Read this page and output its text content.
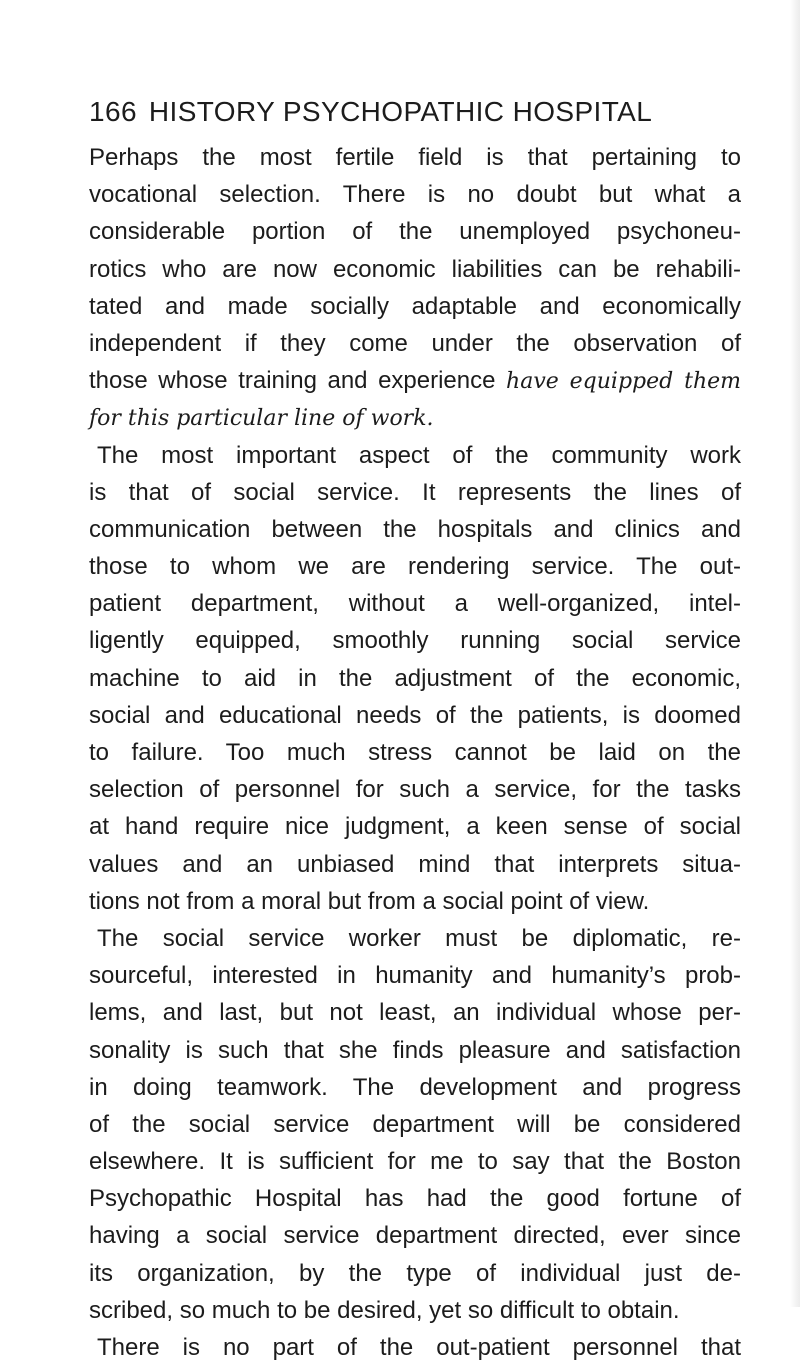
166 HISTORY PSYCHOPATHIC HOSPITAL
Perhaps the most fertile field is that pertaining to
vocational selection. There is no doubt but what a
considerable portion of the unemployed psychoneu-
rotics who are now economic liabilities can be rehabili-
tated and made socially adaptable and economically
independent if they come under the observation of
those whose training and experience have equipped them
for this particular line of work.
The most important aspect of the community work
is that of social service. It represents the lines of
communication between the hospitals and clinics and
those to whom we are rendering service. The out-
patient department, without a well-organized, intel-
ligently equipped, smoothly running social service
machine to aid in the adjustment of the economic,
social and educational needs of the patients, is doomed
to failure. Too much stress cannot be laid on the
selection of personnel for such a service, for the tasks
at hand require nice judgment, a keen sense of social
values and an unbiased mind that interprets situa-
tions not from a moral but from a social point of view.
The social service worker must be diplomatic, re-
sourceful, interested in humanity and humanity’s prob-
lems, and last, but not least, an individual whose per-
sonality is such that she finds pleasure and satisfaction
in doing teamwork. The development and progress
of the social service department will be considered
elsewhere. It is sufficient for me to say that the Boston
Psychopathic Hospital has had the good fortune of
having a social service department directed, ever since
its organization, by the type of individual just de-
scribed, so much to be desired, yet so difficult to obtain.
There is no part of the out-patient personnel that
